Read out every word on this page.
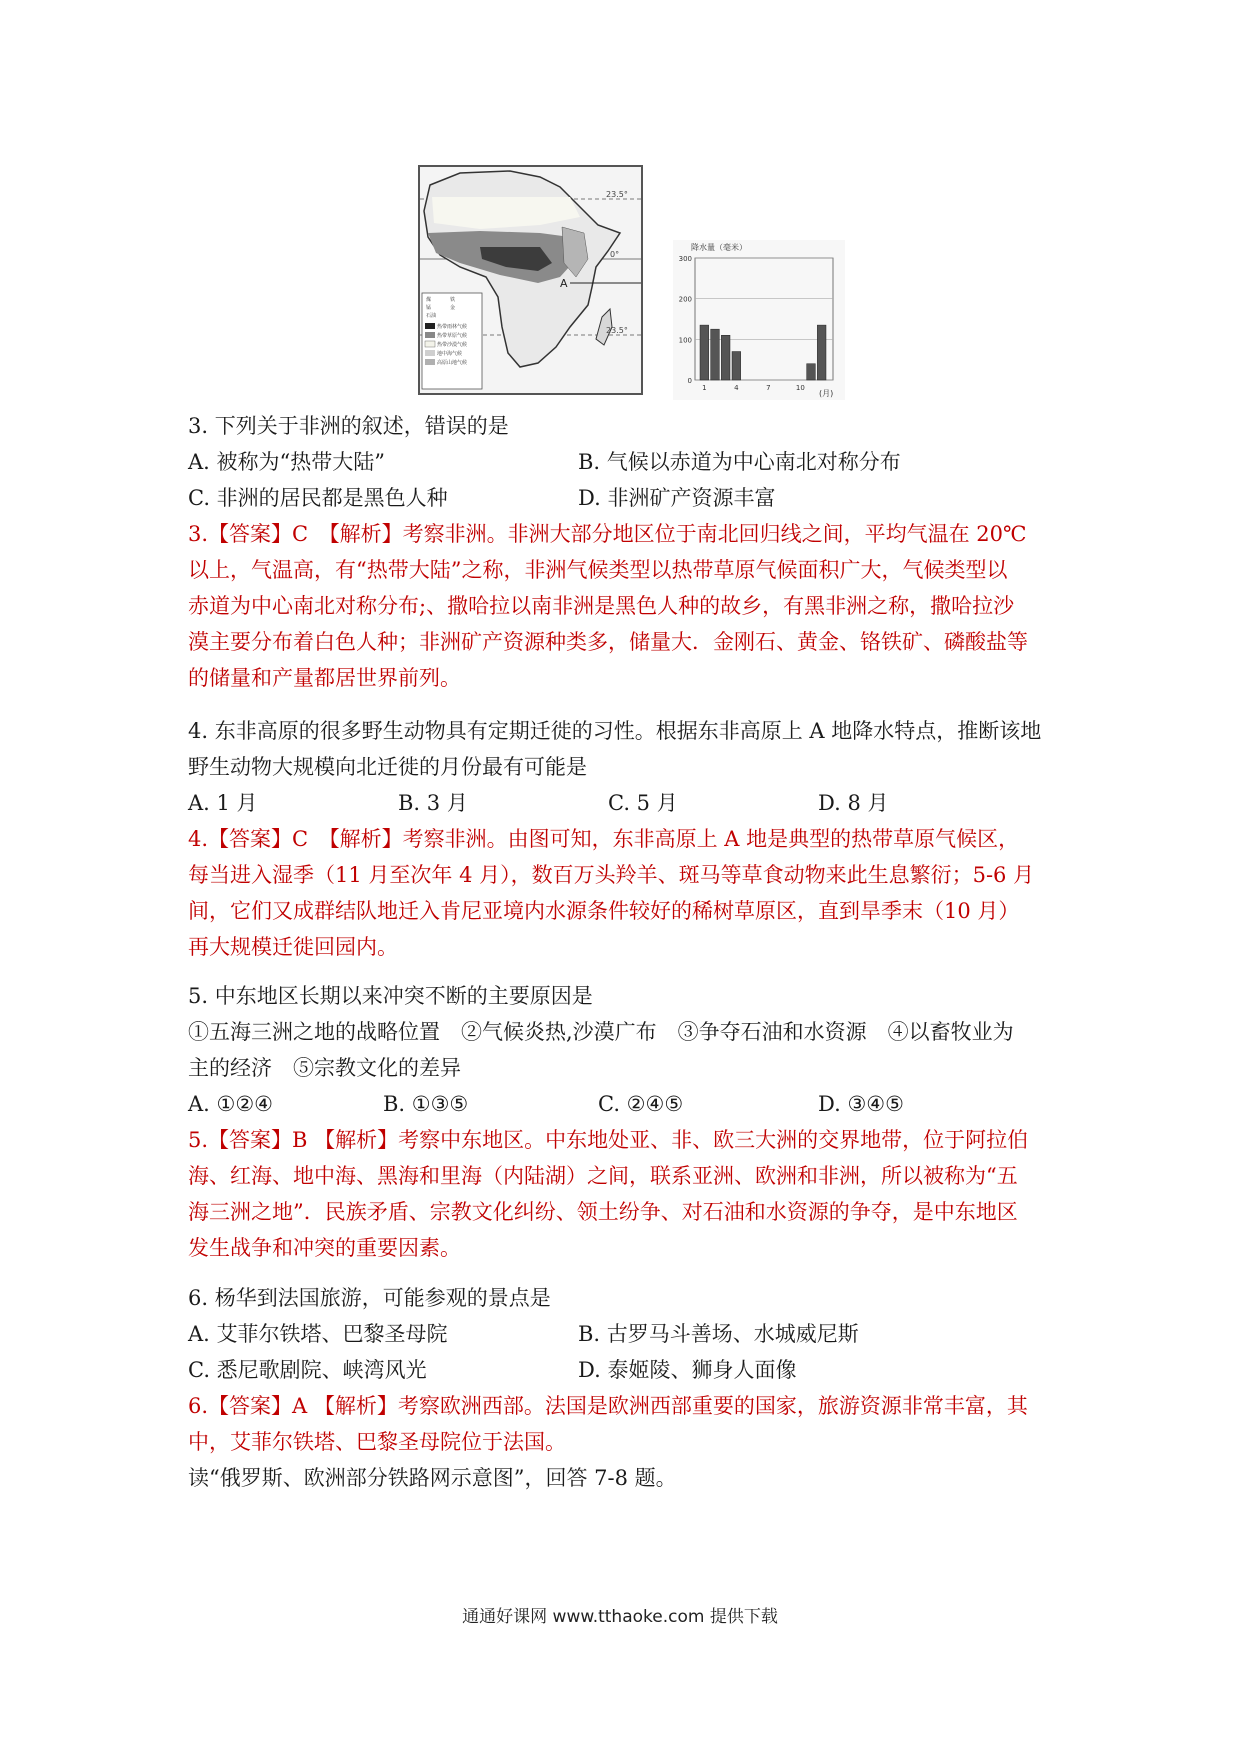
23.5°
0°
23.5°
A
煤	铁
锰	金
石油
热带雨林气候
热带草原气候
热带沙漠气候
地中海气候
高原山地气候
降水量（毫米）
(月)
300
200
100
0
1	4	7	10
3. 下列关于非洲的叙述，错误的是
A. 被称为“热带大陆”	B. 气候以赤道为中心南北对称分布
C. 非洲的居民都是黑色人种	D. 非洲矿产资源丰富
3.【答案】C　【解析】考察非洲。非洲大部分地区位于南北回归线之间，平均气温在 20℃
以上，气温高，有“热带大陆”之称，非洲气候类型以热带草原气候面积广大，气候类型以
赤道为中心南北对称分布;、撒哈拉以南非洲是黑色人种的故乡，有黑非洲之称，撒哈拉沙
漠主要分布着白色人种；非洲矿产资源种类多，储量大．金刚石、黄金、铬铁矿、磷酸盐等
的储量和产量都居世界前列。
4. 东非高原的很多野生动物具有定期迁徙的习性。根据东非高原上 A 地降水特点，推断该地
野生动物大规模向北迁徙的月份最有可能是
A. 1 月	B. 3 月	C. 5 月	D. 8 月
4.【答案】C　【解析】考察非洲。由图可知，东非高原上 A 地是典型的热带草原气候区，
每当进入湿季（11 月至次年 4 月），数百万头羚羊、斑马等草食动物来此生息繁衍；5-6 月
间，它们又成群结队地迁入肯尼亚境内水源条件较好的稀树草原区，直到旱季末（10 月）
再大规模迁徙回园内。
5. 中东地区长期以来冲突不断的主要原因是
①五海三洲之地的战略位置　②气候炎热,沙漠广布　③争夺石油和水资源　④以畜牧业为
主的经济　⑤宗教文化的差异
A. ①②④	B. ①③⑤	C. ②④⑤	D. ③④⑤
5.【答案】B 【解析】考察中东地区。中东地处亚、非、欧三大洲的交界地带，位于阿拉伯
海、红海、地中海、黑海和里海（内陆湖）之间，联系亚洲、欧洲和非洲，所以被称为“五
海三洲之地”．民族矛盾、宗教文化纠纷、领土纷争、对石油和水资源的争夺，是中东地区
发生战争和冲突的重要因素。
6. 杨华到法国旅游，可能参观的景点是
A. 艾菲尔铁塔、巴黎圣母院	B. 古罗马斗善场、水城威尼斯
C. 悉尼歌剧院、峡湾风光	D. 泰姬陵、狮身人面像
6.【答案】A 【解析】考察欧洲西部。法国是欧洲西部重要的国家，旅游资源非常丰富，其
中，艾菲尔铁塔、巴黎圣母院位于法国。
读“俄罗斯、欧洲部分铁路网示意图”，回答 7-8 题。
通通好课网 www.tthaoke.com 提供下载
